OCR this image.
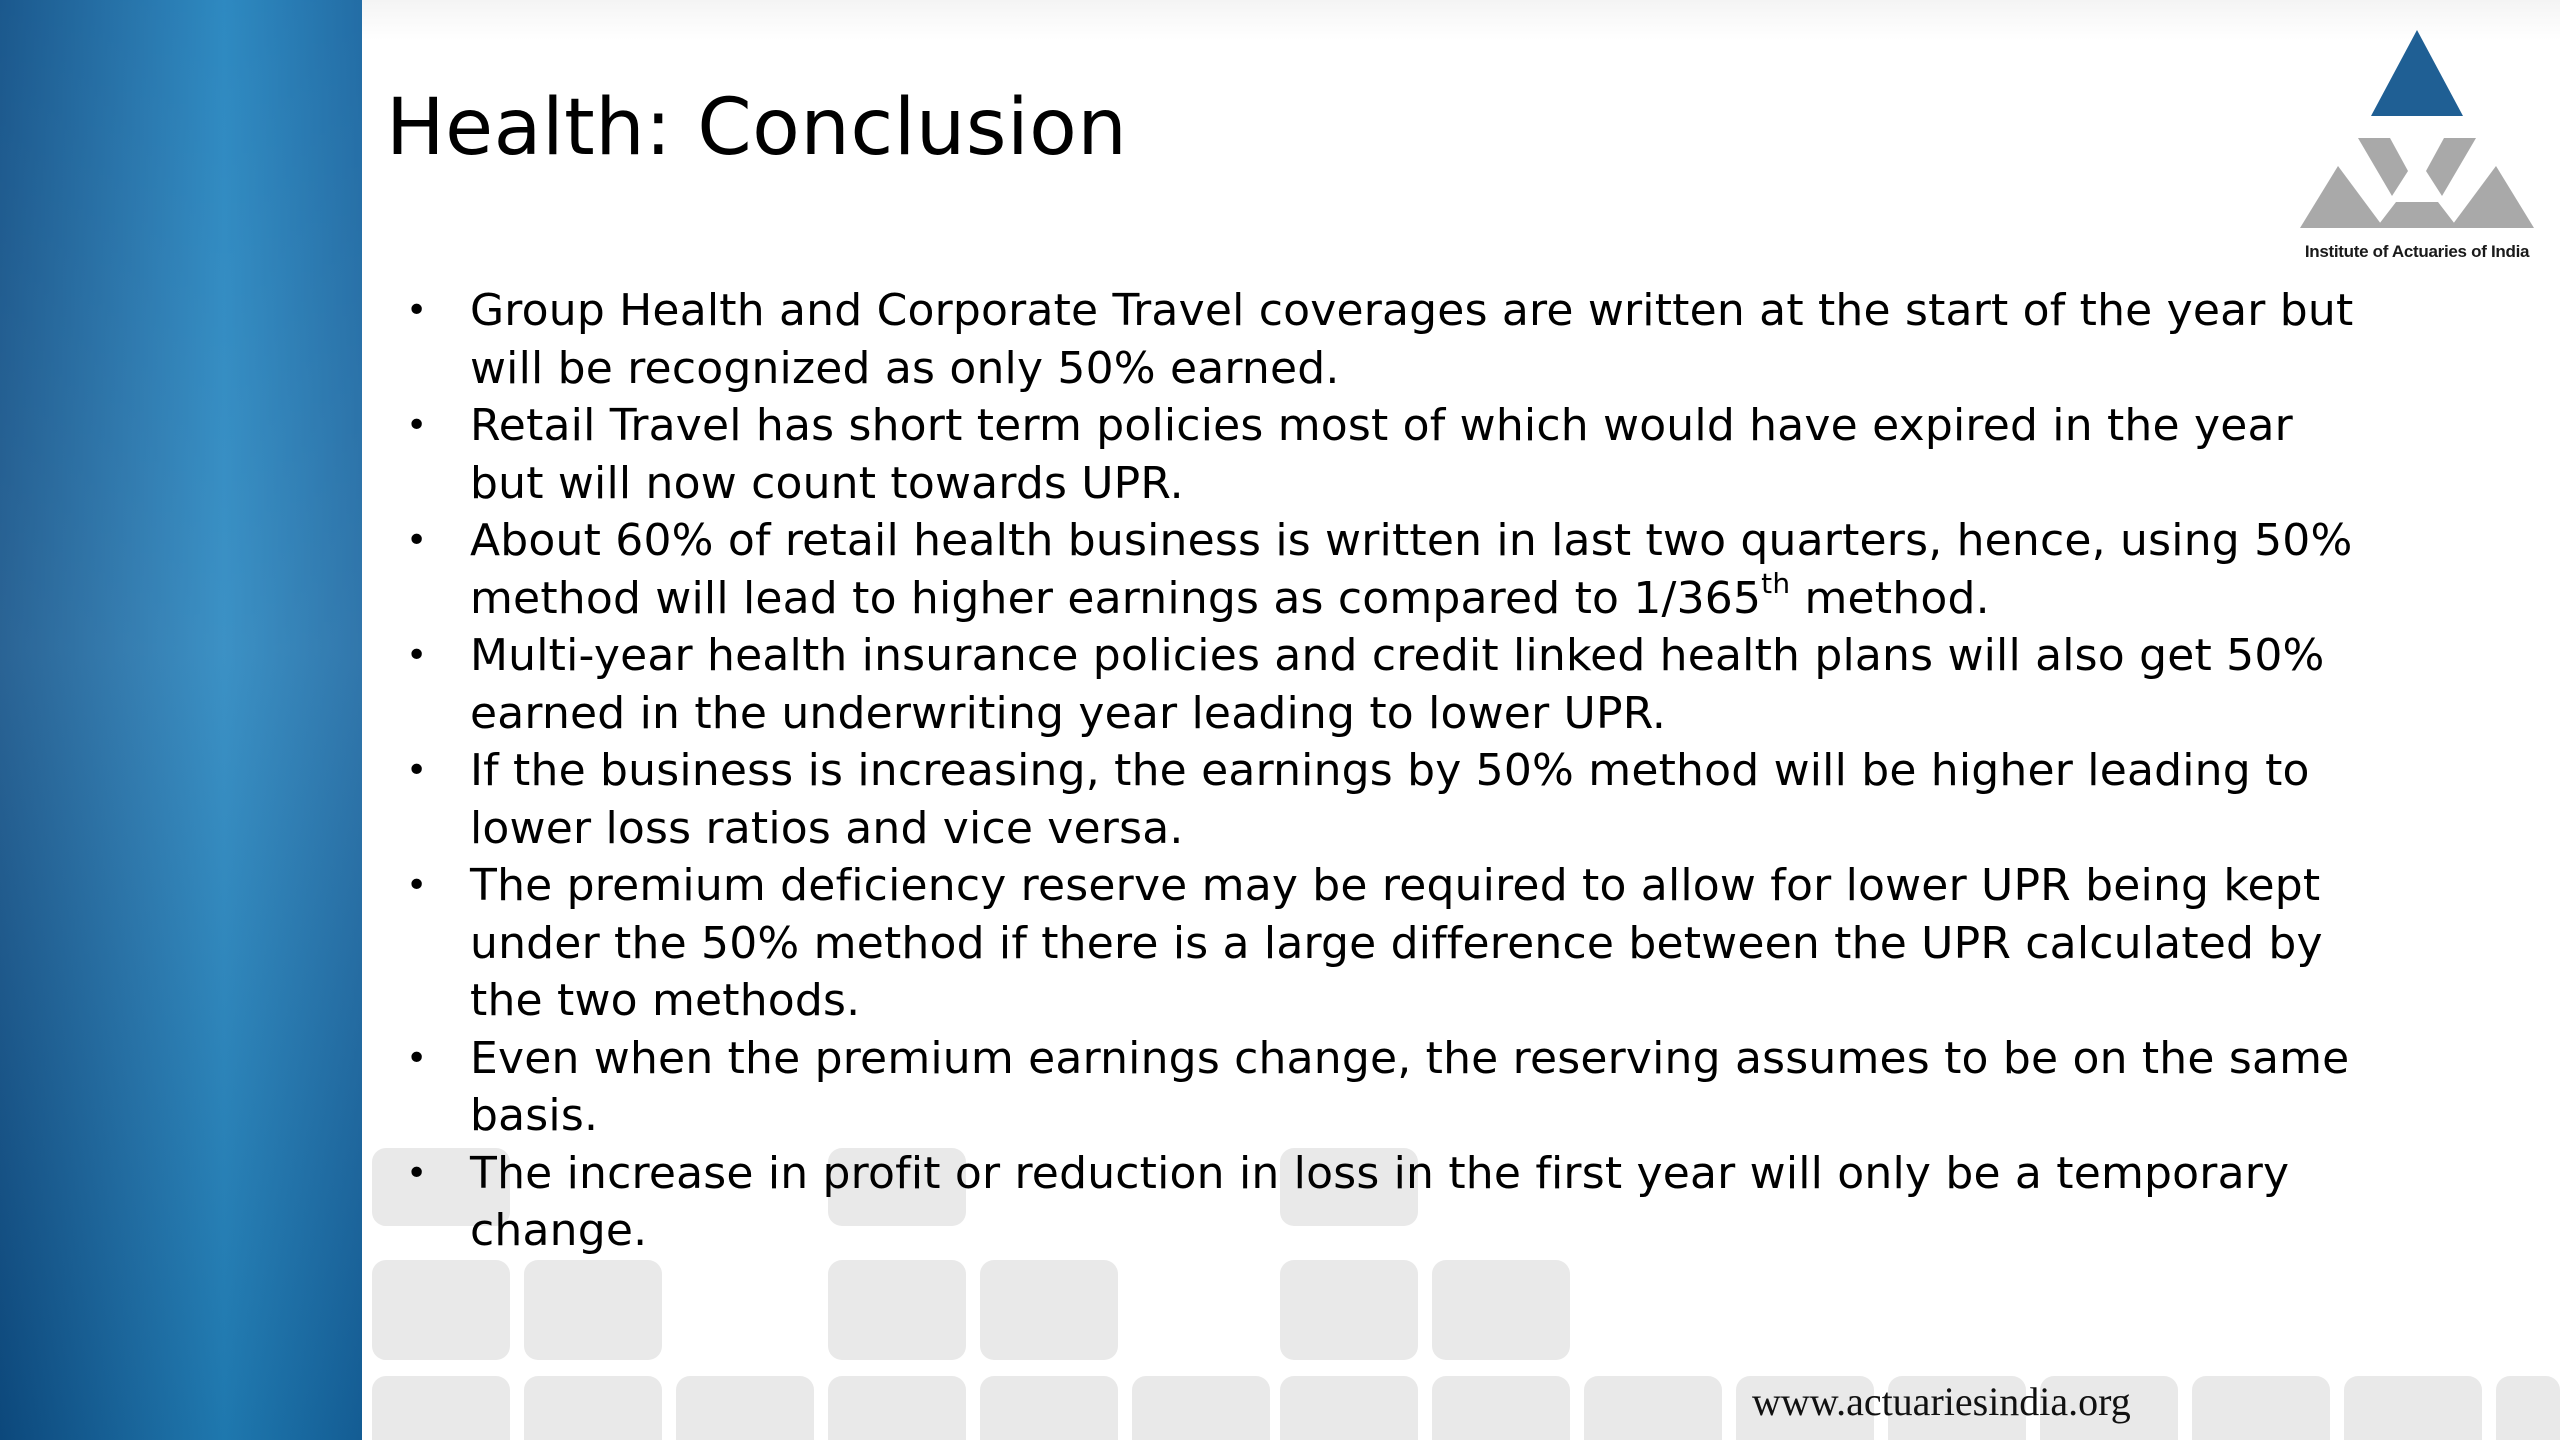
Health: Conclusion
Institute of Actuaries of India
• Group Health and Corporate Travel coverages are written at the start of the year but will be recognized as only 50% earned.
• Retail Travel has short term policies most of which would have expired in the year but will now count towards UPR.
• About 60% of retail health business is written in last two quarters, hence, using 50% method will lead to higher earnings as compared to 1/365th method.
• Multi-year health insurance policies and credit linked health plans will also get 50% earned in the underwriting year leading to lower UPR.
• If the business is increasing, the earnings by 50% method will be higher leading to lower loss ratios and vice versa.
• The premium deficiency reserve may be required to allow for lower UPR being kept under the 50% method if there is a large difference between the UPR calculated by the two methods.
• Even when the premium earnings change, the reserving assumes to be on the same basis.
• The increase in profit or reduction in loss in the first year will only be a temporary change.
www.actuariesindia.org
